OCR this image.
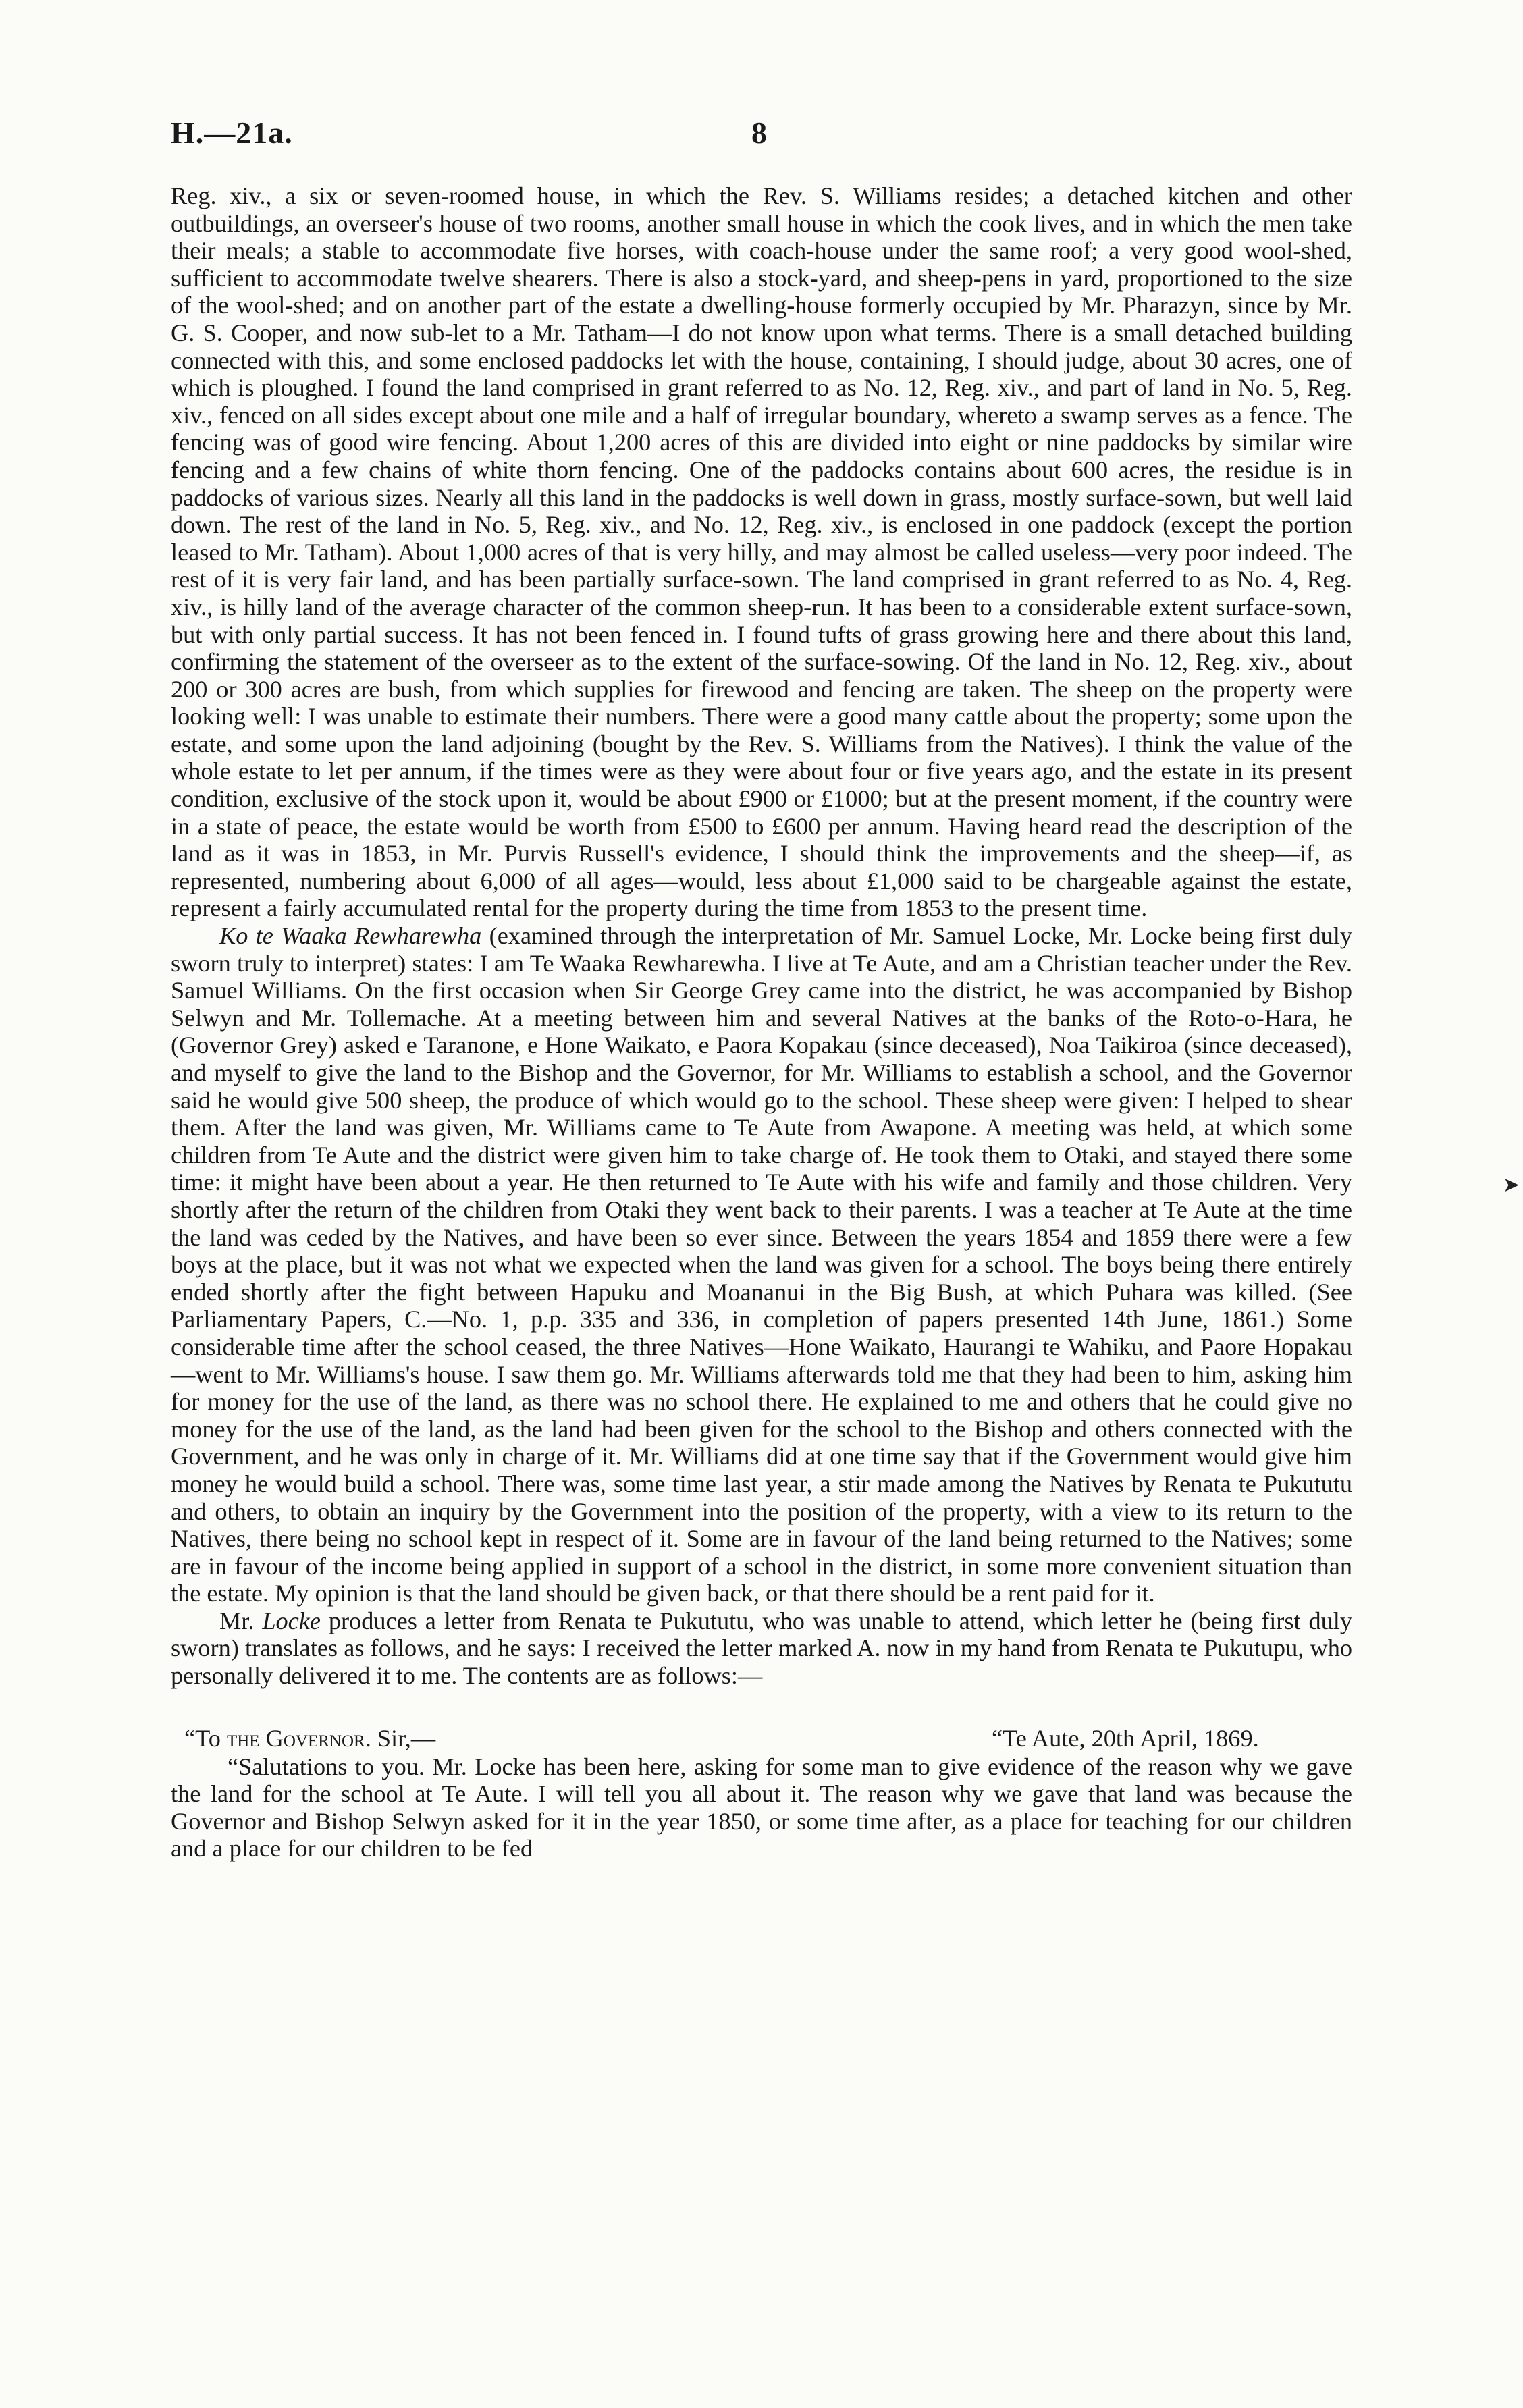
H.—21a.	8

Reg. xiv., a six or seven-roomed house, in which the Rev. S. Williams resides; a detached kitchen and other outbuildings, an overseer's house of two rooms, another small house in which the cook lives, and in which the men take their meals; a stable to accommodate five horses, with coach-house under the same roof; a very good wool-shed, sufficient to accommodate twelve shearers. There is also a stock-yard, and sheep-pens in yard, proportioned to the size of the wool-shed; and on another part of the estate a dwelling-house formerly occupied by Mr. Pharazyn, since by Mr. G. S. Cooper, and now sub-let to a Mr. Tatham—I do not know upon what terms. There is a small detached building connected with this, and some enclosed paddocks let with the house, containing, I should judge, about 30 acres, one of which is ploughed. I found the land comprised in grant referred to as No. 12, Reg. xiv., and part of land in No. 5, Reg. xiv., fenced on all sides except about one mile and a half of irregular boundary, whereto a swamp serves as a fence. The fencing was of good wire fencing. About 1,200 acres of this are divided into eight or nine paddocks by similar wire fencing and a few chains of white thorn fencing. One of the paddocks contains about 600 acres, the residue is in paddocks of various sizes. Nearly all this land in the paddocks is well down in grass, mostly surface-sown, but well laid down. The rest of the land in No. 5, Reg. xiv., and No. 12, Reg. xiv., is enclosed in one paddock (except the portion leased to Mr. Tatham). About 1,000 acres of that is very hilly, and may almost be called useless—very poor indeed. The rest of it is very fair land, and has been partially surface-sown. The land comprised in grant referred to as No. 4, Reg. xiv., is hilly land of the average character of the common sheep-run. It has been to a considerable extent surface-sown, but with only partial success. It has not been fenced in. I found tufts of grass growing here and there about this land, confirming the statement of the overseer as to the extent of the surface-sowing. Of the land in No. 12, Reg. xiv., about 200 or 300 acres are bush, from which supplies for firewood and fencing are taken. The sheep on the property were looking well: I was unable to estimate their numbers. There were a good many cattle about the property; some upon the estate, and some upon the land adjoining (bought by the Rev. S. Williams from the Natives). I think the value of the whole estate to let per annum, if the times were as they were about four or five years ago, and the estate in its present condition, exclusive of the stock upon it, would be about £900 or £1000; but at the present moment, if the country were in a state of peace, the estate would be worth from £500 to £600 per annum. Having heard read the description of the land as it was in 1853, in Mr. Purvis Russell's evidence, I should think the improvements and the sheep—if, as represented, numbering about 6,000 of all ages—would, less about £1,000 said to be chargeable against the estate, represent a fairly accumulated rental for the property during the time from 1853 to the present time.

Ko te Waaka Rewharewha (examined through the interpretation of Mr. Samuel Locke, Mr. Locke being first duly sworn truly to interpret) states: I am Te Waaka Rewharewha. I live at Te Aute, and am a Christian teacher under the Rev. Samuel Williams. On the first occasion when Sir George Grey came into the district, he was accompanied by Bishop Selwyn and Mr. Tollemache. At a meeting between him and several Natives at the banks of the Roto-o-Hara, he (Governor Grey) asked e Taranone, e Hone Waikato, e Paora Kopakau (since deceased), Noa Taikiroa (since deceased), and myself to give the land to the Bishop and the Governor, for Mr. Williams to establish a school, and the Governor said he would give 500 sheep, the produce of which would go to the school. These sheep were given: I helped to shear them. After the land was given, Mr. Williams came to Te Aute from Awapone. A meeting was held, at which some children from Te Aute and the district were given him to take charge of. He took them to Otaki, and stayed there some time: it might have been about a year. He then returned to Te Aute with his wife and family and those children. Very shortly after the return of the children from Otaki they went back to their parents. I was a teacher at Te Aute at the time the land was ceded by the Natives, and have been so ever since. Between the years 1854 and 1859 there were a few boys at the place, but it was not what we expected when the land was given for a school. The boys being there entirely ended shortly after the fight between Hapuku and Moananui in the Big Bush, at which Puhara was killed. (See Parliamentary Papers, C.—No. 1, p.p. 335 and 336, in completion of papers presented 14th June, 1861.) Some considerable time after the school ceased, the three Natives—Hone Waikato, Haurangi te Wahiku, and Paore Hopakau—went to Mr. Williams's house. I saw them go. Mr. Williams afterwards told me that they had been to him, asking him for money for the use of the land, as there was no school there. He explained to me and others that he could give no money for the use of the land, as the land had been given for the school to the Bishop and others connected with the Government, and he was only in charge of it. Mr. Williams did at one time say that if the Government would give him money he would build a school. There was, some time last year, a stir made among the Natives by Renata te Pukututu and others, to obtain an inquiry by the Government into the position of the property, with a view to its return to the Natives, there being no school kept in respect of it. Some are in favour of the land being returned to the Natives; some are in favour of the income being applied in support of a school in the district, in some more convenient situation than the estate. My opinion is that the land should be given back, or that there should be a rent paid for it.

Mr. Locke produces a letter from Renata te Pukututu, who was unable to attend, which letter he (being first duly sworn) translates as follows, and he says: I received the letter marked A. now in my hand from Renata te Pukutupu, who personally delivered it to me. The contents are as follows:—

“To the Governor. Sir,—	“Te Aute, 20th April, 1869.

“Salutations to you. Mr. Locke has been here, asking for some man to give evidence of the reason why we gave the land for the school at Te Aute. I will tell you all about it. The reason why we gave that land was because the Governor and Bishop Selwyn asked for it in the year 1850, or some time after, as a place for teaching for our children and a place for our children to be fed

➤
